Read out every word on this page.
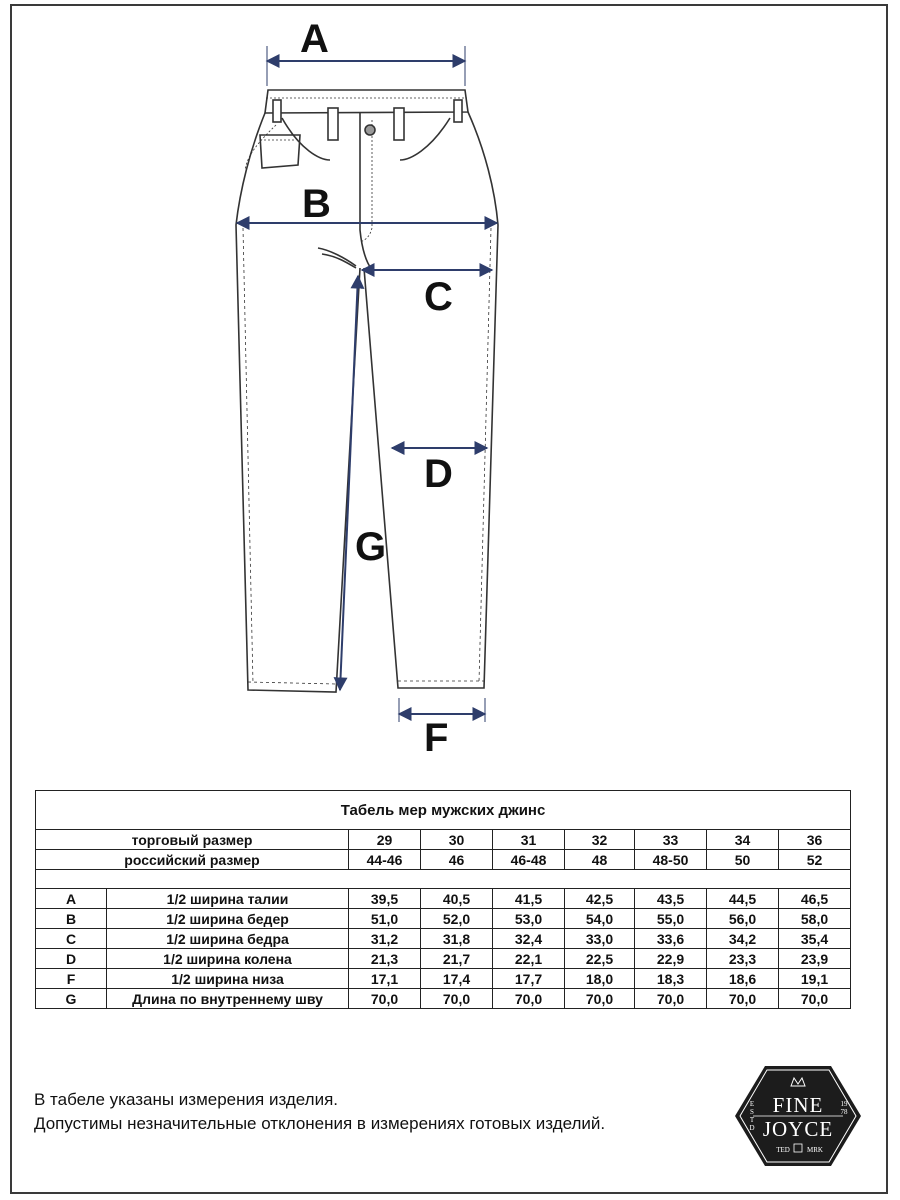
A
B
C
D
G
F
Табель мер мужских джинс								
торговый размер		29	30	31	32	33	34	36
российский размер		44-46	46	46-48	48	48-50	50	52

A	1/2 ширина талии	39,5	40,5	41,5	42,5	43,5	44,5	46,5
B	1/2 ширина бедер	51,0	52,0	53,0	54,0	55,0	56,0	58,0
C	1/2 ширина бедра	31,2	31,8	32,4	33,0	33,6	34,2	35,4
D	1/2 ширина колена	21,3	21,7	22,1	22,5	22,9	23,3	23,9
F	1/2 ширина низа	17,1	17,4	17,7	18,0	18,3	18,6	19,1
G	Длина по внутреннему шву	70,0	70,0	70,0	70,0	70,0	70,0	70,0
В табеле указаны измерения изделия.
Допустимы незначительные отклонения в измерениях готовых изделий.
FINE
JOYCE
ESTD
1978
TED	MRK
